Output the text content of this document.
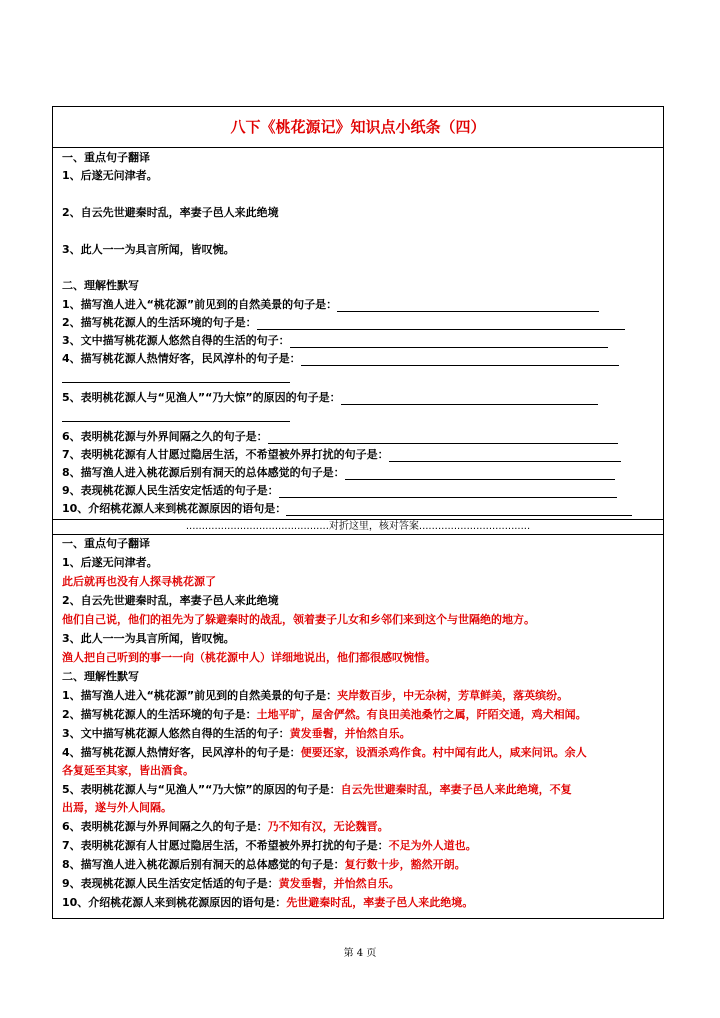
八下《桃花源记》知识点小纸条（四）
一、重点句子翻译
1、后遂无问津者。
2、自云先世避秦时乱，率妻子邑人来此绝境
3、此人一一为具言所闻，皆叹惋。
二、理解性默写
1、描写渔人进入“桃花源”前见到的自然美景的句子是：
2、描写桃花源人的生活环境的句子是：
3、文中描写桃花源人悠然自得的生活的句子：
4、描写桃花源人热情好客，民风淳朴的句子是：
5、表明桃花源人与“见渔人”“乃大惊”的原因的句子是：
6、表明桃花源与外界间隔之久的句子是：
7、表明桃花源有人甘愿过隐居生活，不希望被外界打扰的句子是：
8、描写渔人进入桃花源后别有洞天的总体感觉的句子是：
9、表现桃花源人民生活安定恬适的句子是：
10、介绍桃花源人来到桃花源原因的语句是：
.............................................对折这里，核对答案...................................
一、重点句子翻译
1、后遂无问津者。
此后就再也没有人探寻桃花源了
2、自云先世避秦时乱，率妻子邑人来此绝境
他们自己说，他们的祖先为了躲避秦时的战乱，领着妻子儿女和乡邻们来到这个与世隔绝的地方。
3、此人一一为具言所闻，皆叹惋。
渔人把自己听到的事一一向（桃花源中人）详细地说出，他们都很感叹惋惜。
二、理解性默写
1、描写渔人进入“桃花源”前见到的自然美景的句子是：夹岸数百步，中无杂树，芳草鲜美，落英缤纷。
2、描写桃花源人的生活环境的句子是：土地平旷，屋舍俨然。有良田美池桑竹之属，阡陌交通，鸡犬相闻。
3、文中描写桃花源人悠然自得的生活的句子：黄发垂髫，并怡然自乐。
4、描写桃花源人热情好客，民风淳朴的句子是：便要还家，设酒杀鸡作食。村中闻有此人，咸来问讯。余人
各复延至其家，皆出酒食。
5、表明桃花源人与“见渔人”“乃大惊”的原因的句子是：自云先世避秦时乱，率妻子邑人来此绝境，不复
出焉，遂与外人间隔。
6、表明桃花源与外界间隔之久的句子是：乃不知有汉，无论魏晋。
7、表明桃花源有人甘愿过隐居生活，不希望被外界打扰的句子是：不足为外人道也。
8、描写渔人进入桃花源后别有洞天的总体感觉的句子是：复行数十步，豁然开朗。
9、表现桃花源人民生活安定恬适的句子是：黄发垂髫，并怡然自乐。
10、介绍桃花源人来到桃花源原因的语句是：先世避秦时乱，率妻子邑人来此绝境。
第 4 页
